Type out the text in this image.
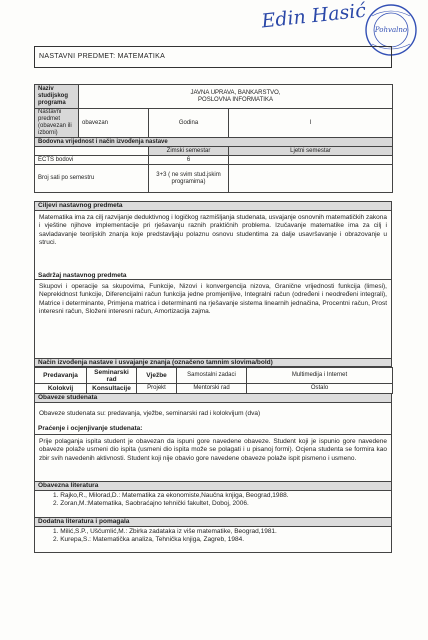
Edin Hasić Pohvalno
NASTAVNI PREDMET: MATEMATIKA
Naziv studijskog programa	JAVNA UPRAVA, BANKARSTVO,
POSLOVNA INFORMATIKA		
Nastavni predmet (obavezan ili izborni)	obavezan	Godina	I
Bodovna vrijednost i način izvođenja nastave			
		Zimski semestar	Ljetni semestar
ECTS bodovi		6	
Broj sati po semestru		3+3 ( ne svim stud.jskim programima)	
Ciljevi nastavnog predmeta
Matematika ima za cilj razvijanje deduktivnog i logičkog razmišljanja studenata, usvajanje osnovnih matematičkih zakona i vještine njihove implementacije pri rješavanju raznih praktičnih problema. Izučavanje matematike ima za cilj i savladavanje teorijskih znanja koje predstavljaju polaznu osnovu studentima za dalje usavršavanje i obrazovanje u struci.
Sadržaj nastavnog predmeta
Skupovi i operacije sa skupovima, Funkcije, Nizovi i konvergencija nizova, Granične vrijednosti funkcija (limesi), Neprekidnost funkcije, Diferencijalni račun funkcija jedne promjenljive, Integralni račun (određeni i neodređeni integrali), Matrice i determinante, Primjena matrica i determinanti na rješavanje sistema linearnih jednačina, Procentni račun, Prost interesni račun, Složeni interesni račun, Amortizacija zajma.
Način izvođenja nastave i usvajanje znanja (označeno tamnim slovima/bold)
Predavanja	Seminarski rad	Vježbe	Samostalni zadaci	Multimedija i Internet
Kolokvij	Konsultacije	Projekt	Mentorski rad	Ostalo
Obaveze studenata
Obaveze studenata su: predavanja, vježbe, seminarski rad i kolokvijum (dva)
Praćenje i ocjenjivanje studenata:
Prije polaganja ispita student je obavezan da ispuni gore navedene obaveze. Student koji je ispunio gore navedene obaveze polaže usmeni dio ispita (usmeni dio ispita može se polagati i u pisanoj formi). Ocjena studenta se formira kao zbir svih navedenih aktivnosti. Student koji nije obavio gore navedene obaveze polaže ispit pismeno i usmeno.
Obavezna literatura
1. Rajko,R., Milorad,D.: Matematika za ekonomiste,Naučna knjiga, Beograd,1988.
2. Zoran,M.:Matematika, Saobraćajno tehnički fakultet, Doboj, 2006.
Dodatna literatura i pomagala
1. Milić,S.P., Uščumlić,M.: Zbirka zadataka iz više matematike, Beograd,1981.
2. Kurepa,S.: Matematička analiza, Tehnička knjiga, Zagreb, 1984.
